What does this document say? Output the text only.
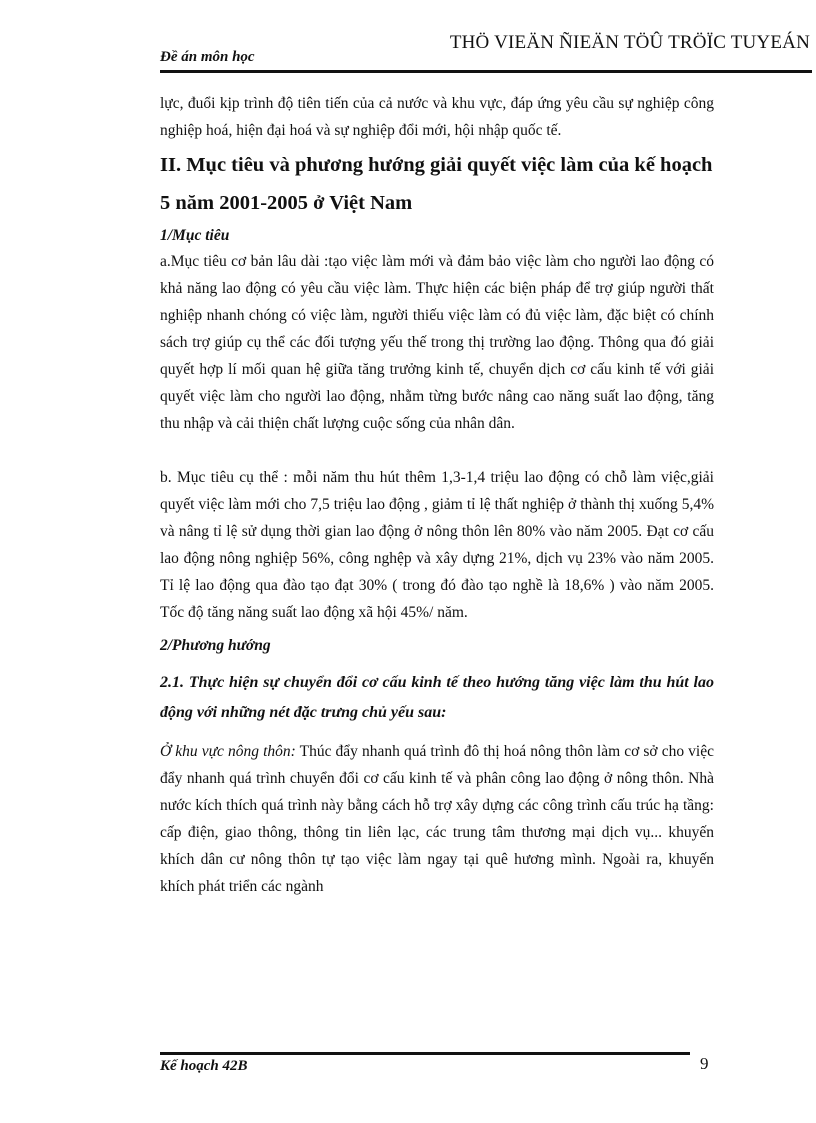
Đề án môn học
THÖ VIEÄN ÑIEÄN TÖÛ TRÖÏC TUYEÁN

lực, đuổi kịp trình độ tiên tiến của cả nước và khu vực, đáp ứng yêu cầu sự nghiệp công nghiệp hoá, hiện đại hoá và sự nghiệp đổi mới, hội nhập quốc tế.

II. Mục tiêu và phương hướng giải quyết việc làm của kế hoạch 5 năm 2001-2005 ở Việt Nam
1/Mục tiêu

a.Mục tiêu cơ bản lâu dài :tạo việc làm mới và đảm bảo việc làm cho người lao động có khả năng lao động có yêu cầu việc làm. Thực hiện các biện pháp để trợ giúp người thất nghiệp nhanh chóng có việc làm, người thiếu việc làm có đủ việc làm, đặc biệt có chính sách trợ giúp cụ thể các đối tượng yếu thế trong thị trường lao động. Thông qua đó giải quyết hợp lí mối quan hệ giữa tăng trưởng kinh tế, chuyển dịch cơ cấu kinh tế với giải quyết việc làm cho người lao động, nhằm từng bước nâng cao năng suất lao động, tăng thu nhập và cải thiện chất lượng cuộc sống của nhân dân.

b. Mục tiêu cụ thể : mỗi năm thu hút thêm 1,3-1,4 triệu lao động có chỗ làm việc,giải quyết việc làm mới cho 7,5 triệu lao động , giảm tỉ lệ thất nghiệp ở thành thị xuống 5,4% và nâng tỉ lệ sử dụng thời gian lao động ở nông thôn lên 80% vào năm 2005. Đạt cơ cấu lao động nông nghiệp 56%, công nghệp và xây dựng 21%, dịch vụ 23% vào năm 2005. Tỉ lệ lao động qua đào tạo đạt 30% ( trong đó đào tạo nghề là 18,6% ) vào năm 2005. Tốc độ tăng năng suất lao động xã hội 45%/ năm.

2/Phương hướng

2.1. Thực hiện sự chuyển đổi cơ cấu kinh tế theo hướng tăng việc làm thu hút lao động với những nét đặc trưng chủ yếu sau:

Ở khu vực nông thôn: Thúc đẩy nhanh quá trình đô thị hoá nông thôn làm cơ sở cho việc đẩy nhanh quá trình chuyển đổi cơ cấu kinh tế và phân công lao động ở nông thôn. Nhà nước kích thích quá trình này bằng cách hỗ trợ xây dựng các công trình cấu trúc hạ tầng: cấp điện, giao thông, thông tin liên lạc, các trung tâm thương mại dịch vụ... khuyến khích dân cư nông thôn tự tạo việc làm ngay tại quê hương mình. Ngoài ra, khuyến khích phát triển các ngành

Kế hoạch 42B	9
